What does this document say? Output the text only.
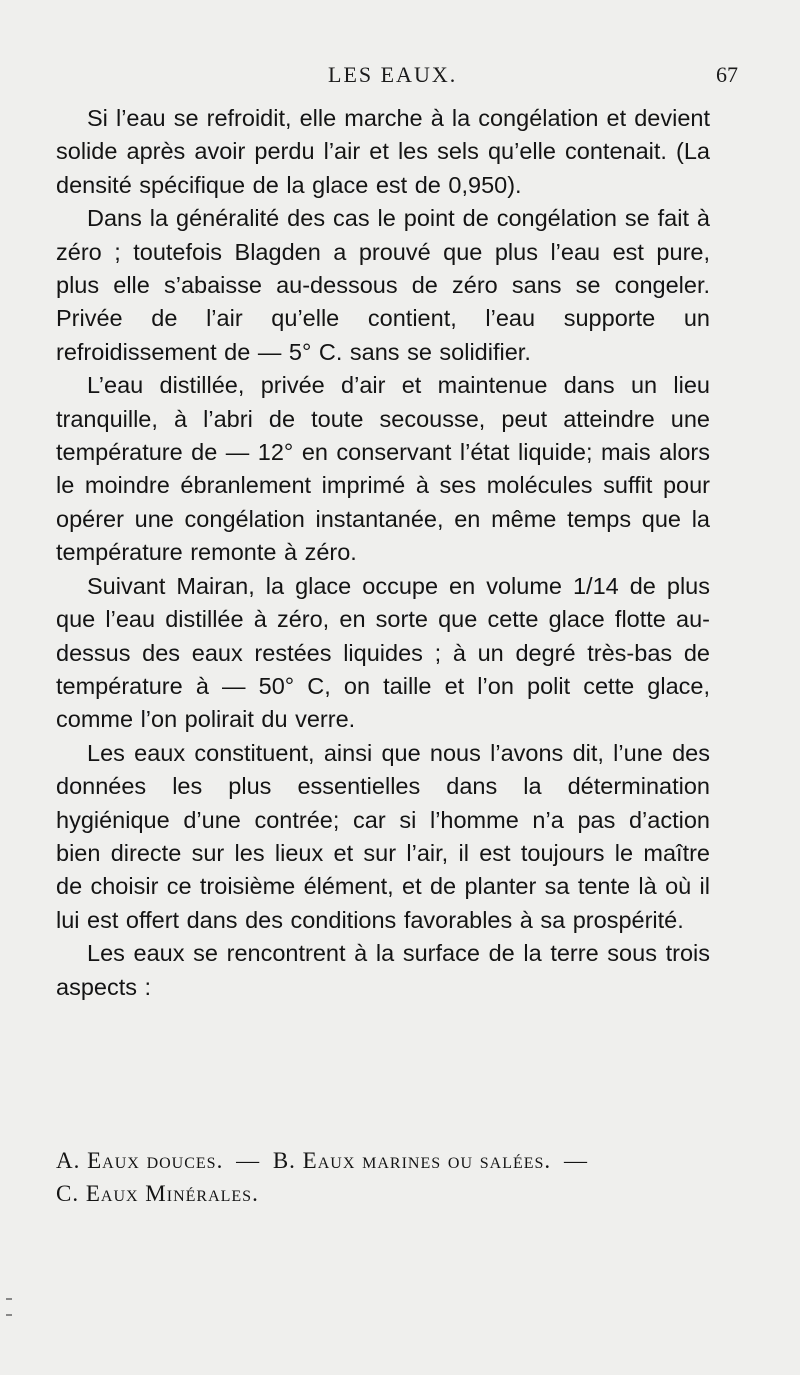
LES EAUX.	67

Si l’eau se refroidit, elle marche à la congélation et devient solide après avoir perdu l’air et les sels qu’elle contenait. (La densité spécifique de la glace est de 0,950).

Dans la généralité des cas le point de congélation se fait à zéro ; toutefois Blagden a prouvé que plus l’eau est pure, plus elle s’abaisse au-dessous de zéro sans se congeler. Privée de l’air qu’elle contient, l’eau supporte un refroidissement de — 5° C. sans se solidifier.

L’eau distillée, privée d’air et maintenue dans un lieu tranquille, à l’abri de toute secousse, peut atteindre une température de — 12° en conservant l’état liquide; mais alors le moindre ébranlement imprimé à ses molécules suffit pour opérer une congélation instantanée, en même temps que la température remonte à zéro.

Suivant Mairan, la glace occupe en volume 1/14 de plus que l’eau distillée à zéro, en sorte que cette glace flotte au-dessus des eaux restées liquides ; à un degré très-bas de température à — 50° C, on taille et l’on polit cette glace, comme l’on polirait du verre.

Les eaux constituent, ainsi que nous l’avons dit, l’une des données les plus essentielles dans la détermination hygiénique d’une contrée; car si l’homme n’a pas d’action bien directe sur les lieux et sur l’air, il est toujours le maître de choisir ce troisième élément, et de planter sa tente là où il lui est offert dans des conditions favorables à sa prospérité.

Les eaux se rencontrent à la surface de la terre sous trois aspects :

A. Eaux douces. — B. Eaux marines ou salées. —
C. Eaux Minérales.
